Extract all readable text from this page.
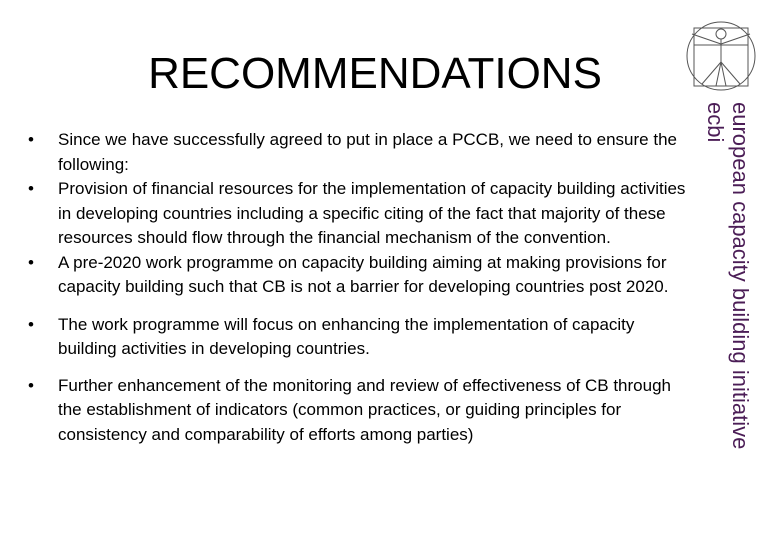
RECOMMENDATIONS
• Since we have successfully agreed to put in place a PCCB, we need to ensure the following:
• Provision of financial resources for the implementation of capacity building activities in developing countries including a specific citing of the fact that majority of these resources should flow through the financial mechanism of the convention.
• A pre-2020 work programme on capacity building aiming at making provisions for capacity building such that CB is not a barrier for developing countries post 2020.
• The work programme will focus on enhancing the implementation of capacity building activities in developing countries.
• Further enhancement of the monitoring and review of effectiveness of CB through the establishment of indicators (common practices, or guiding principles for consistency and comparability of efforts among parties)	european capacity building initiative
ecbi
